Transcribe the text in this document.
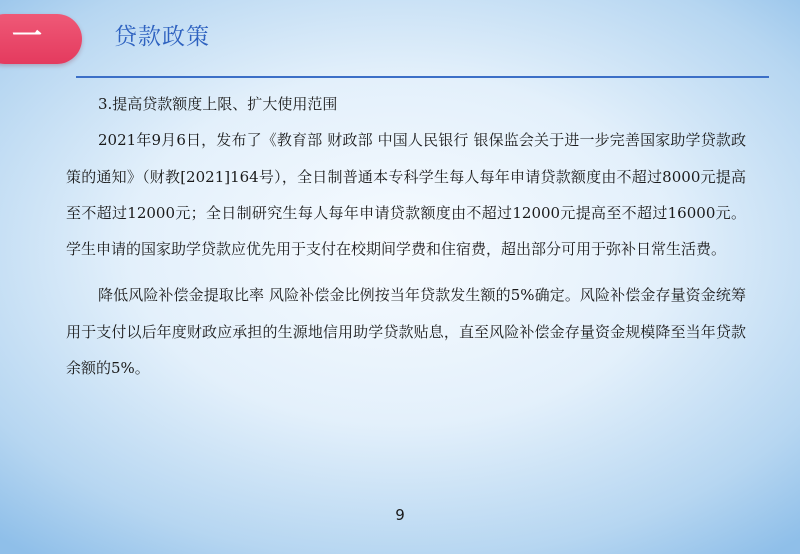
一	贷款政策

3.提高贷款额度上限、扩大使用范围

2021年9月6日，发布了《教育部 财政部 中国人民银行 银保监会关于进一步完善国家助学贷款政策的通知》（财教[2021]164号），全日制普通本专科学生每人每年申请贷款额度由不超过8000元提高至不超过12000元；全日制研究生每人每年申请贷款额度由不超过12000元提高至不超过16000元。学生申请的国家助学贷款应优先用于支付在校期间学费和住宿费，超出部分可用于弥补日常生活费。

降低风险补偿金提取比率 风险补偿金比例按当年贷款发生额的5%确定。风险补偿金存量资金统筹用于支付以后年度财政应承担的生源地信用助学贷款贴息，直至风险补偿金存量资金规模降至当年贷款余额的5%。

9
